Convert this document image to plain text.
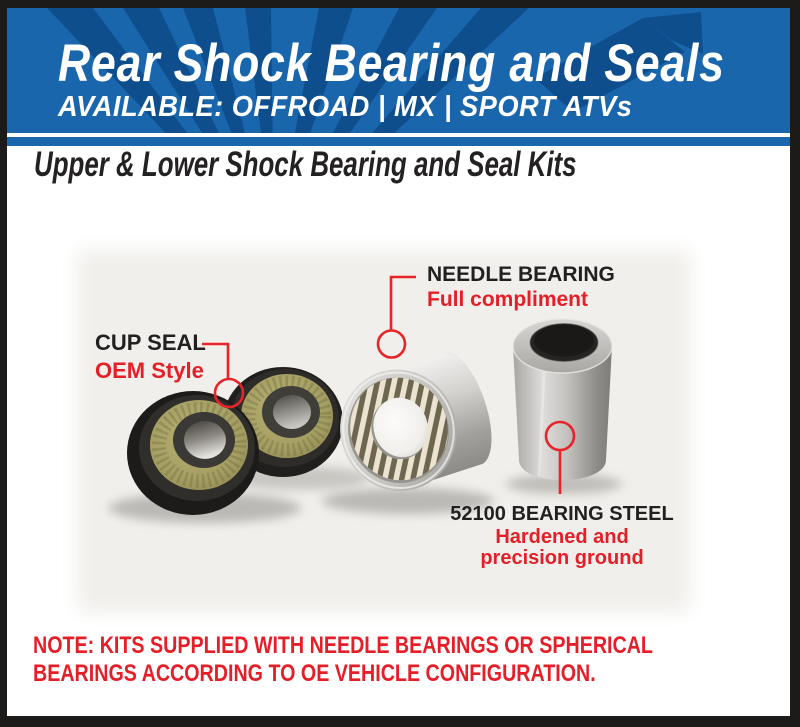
Rear Shock Bearing and Seals
AVAILABLE: OFFROAD | MX | SPORT ATVs
Upper & Lower Shock Bearing and Seal Kits
NEEDLE BEARING
Full compliment
CUP SEAL
OEM Style
52100 BEARING STEEL
Hardened and
precision ground

NOTE: KITS SUPPLIED WITH NEEDLE BEARINGS OR SPHERICAL
BEARINGS ACCORDING TO OE VEHICLE CONFIGURATION.
